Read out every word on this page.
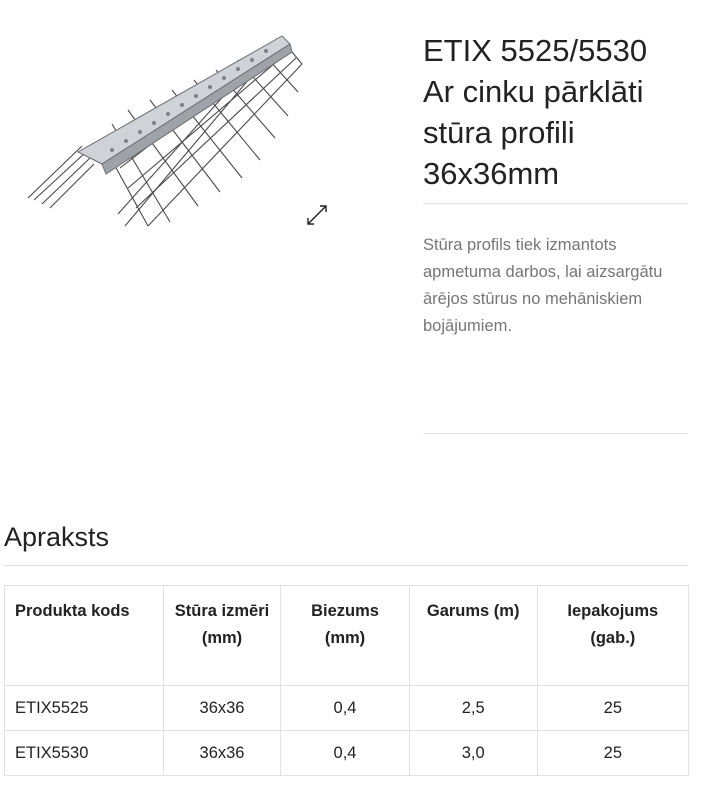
ETIX 5525/5530
Ar cinku pārklāti
stūra profili
36x36mm

Stūra profils tiek izmantots apmetuma darbos, lai aizsargātu ārējos stūrus no mehāniskiem bojājumiem.

Apraksts
Produkta kods	Stūra izmēri (mm)	Biezums (mm)	Garums (m)	Iepakojums (gab.)
ETIX5525	36x36	0,4	2,5	25
ETIX5530	36x36	0,4	3,0	25
